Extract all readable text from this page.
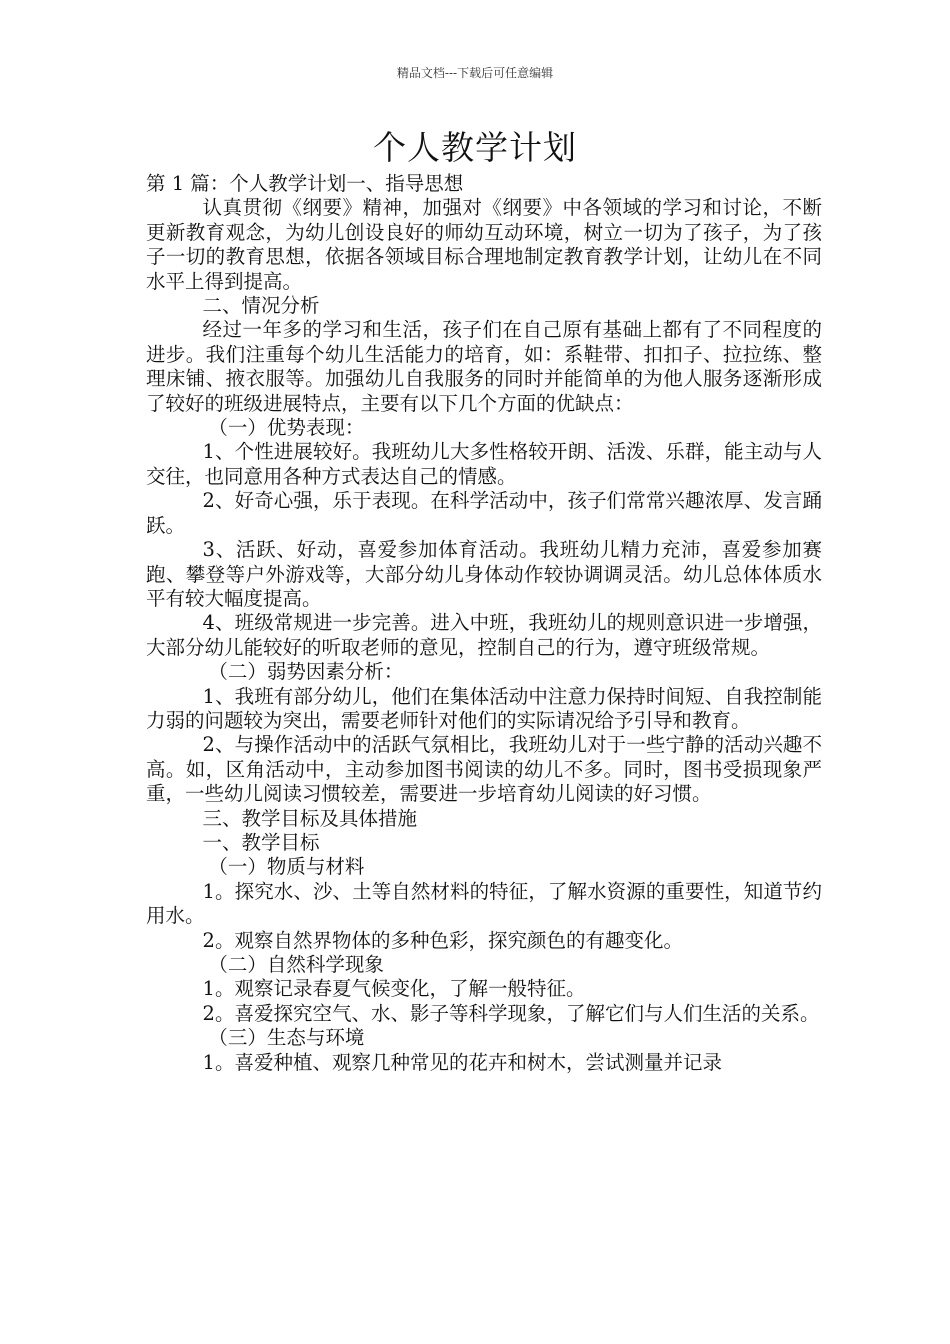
精品文档---下载后可任意编辑
个人教学计划

第 1 篇：个人教学计划一、指导思想

认真贯彻《纲要》精神，加强对《纲要》中各领域的学习和讨论，不断更新教育观念，为幼儿创设良好的师幼互动环境，树立一切为了孩子，为了孩子一切的教育思想，依据各领域目标合理地制定教育教学计划，让幼儿在不同水平上得到提高。

二、情况分析

经过一年多的学习和生活，孩子们在自己原有基础上都有了不同程度的进步。我们注重每个幼儿生活能力的培育，如：系鞋带、扣扣子、拉拉练、整理床铺、掖衣服等。加强幼儿自我服务的同时并能简单的为他人服务逐渐形成了较好的班级进展特点，主要有以下几个方面的优缺点：

（一）优势表现：

1、个性进展较好。我班幼儿大多性格较开朗、活泼、乐群，能主动与人交往，也同意用各种方式表达自己的情感。

2、好奇心强，乐于表现。在科学活动中，孩子们常常兴趣浓厚、发言踊跃。

3、活跃、好动，喜爱参加体育活动。我班幼儿精力充沛，喜爱参加赛跑、攀登等户外游戏等，大部分幼儿身体动作较协调调灵活。幼儿总体体质水平有较大幅度提高。

4、班级常规进一步完善。进入中班，我班幼儿的规则意识进一步增强，大部分幼儿能较好的听取老师的意见，控制自己的行为，遵守班级常规。

（二）弱势因素分析：

1、我班有部分幼儿，他们在集体活动中注意力保持时间短、自我控制能力弱的问题较为突出，需要老师针对他们的实际请况给予引导和教育。

2、与操作活动中的活跃气氛相比，我班幼儿对于一些宁静的活动兴趣不高。如，区角活动中，主动参加图书阅读的幼儿不多。同时，图书受损现象严重，一些幼儿阅读习惯较差，需要进一步培育幼儿阅读的好习惯。

三、教学目标及具体措施

一、教学目标

（一）物质与材料

1。探究水、沙、土等自然材料的特征，了解水资源的重要性，知道节约用水。

2。观察自然界物体的多种色彩，探究颜色的有趣变化。

（二）自然科学现象

1。观察记录春夏气候变化，了解一般特征。

2。喜爱探究空气、水、影子等科学现象，了解它们与人们生活的关系。

（三）生态与环境

1。喜爱种植、观察几种常见的花卉和树木，尝试测量并记录
